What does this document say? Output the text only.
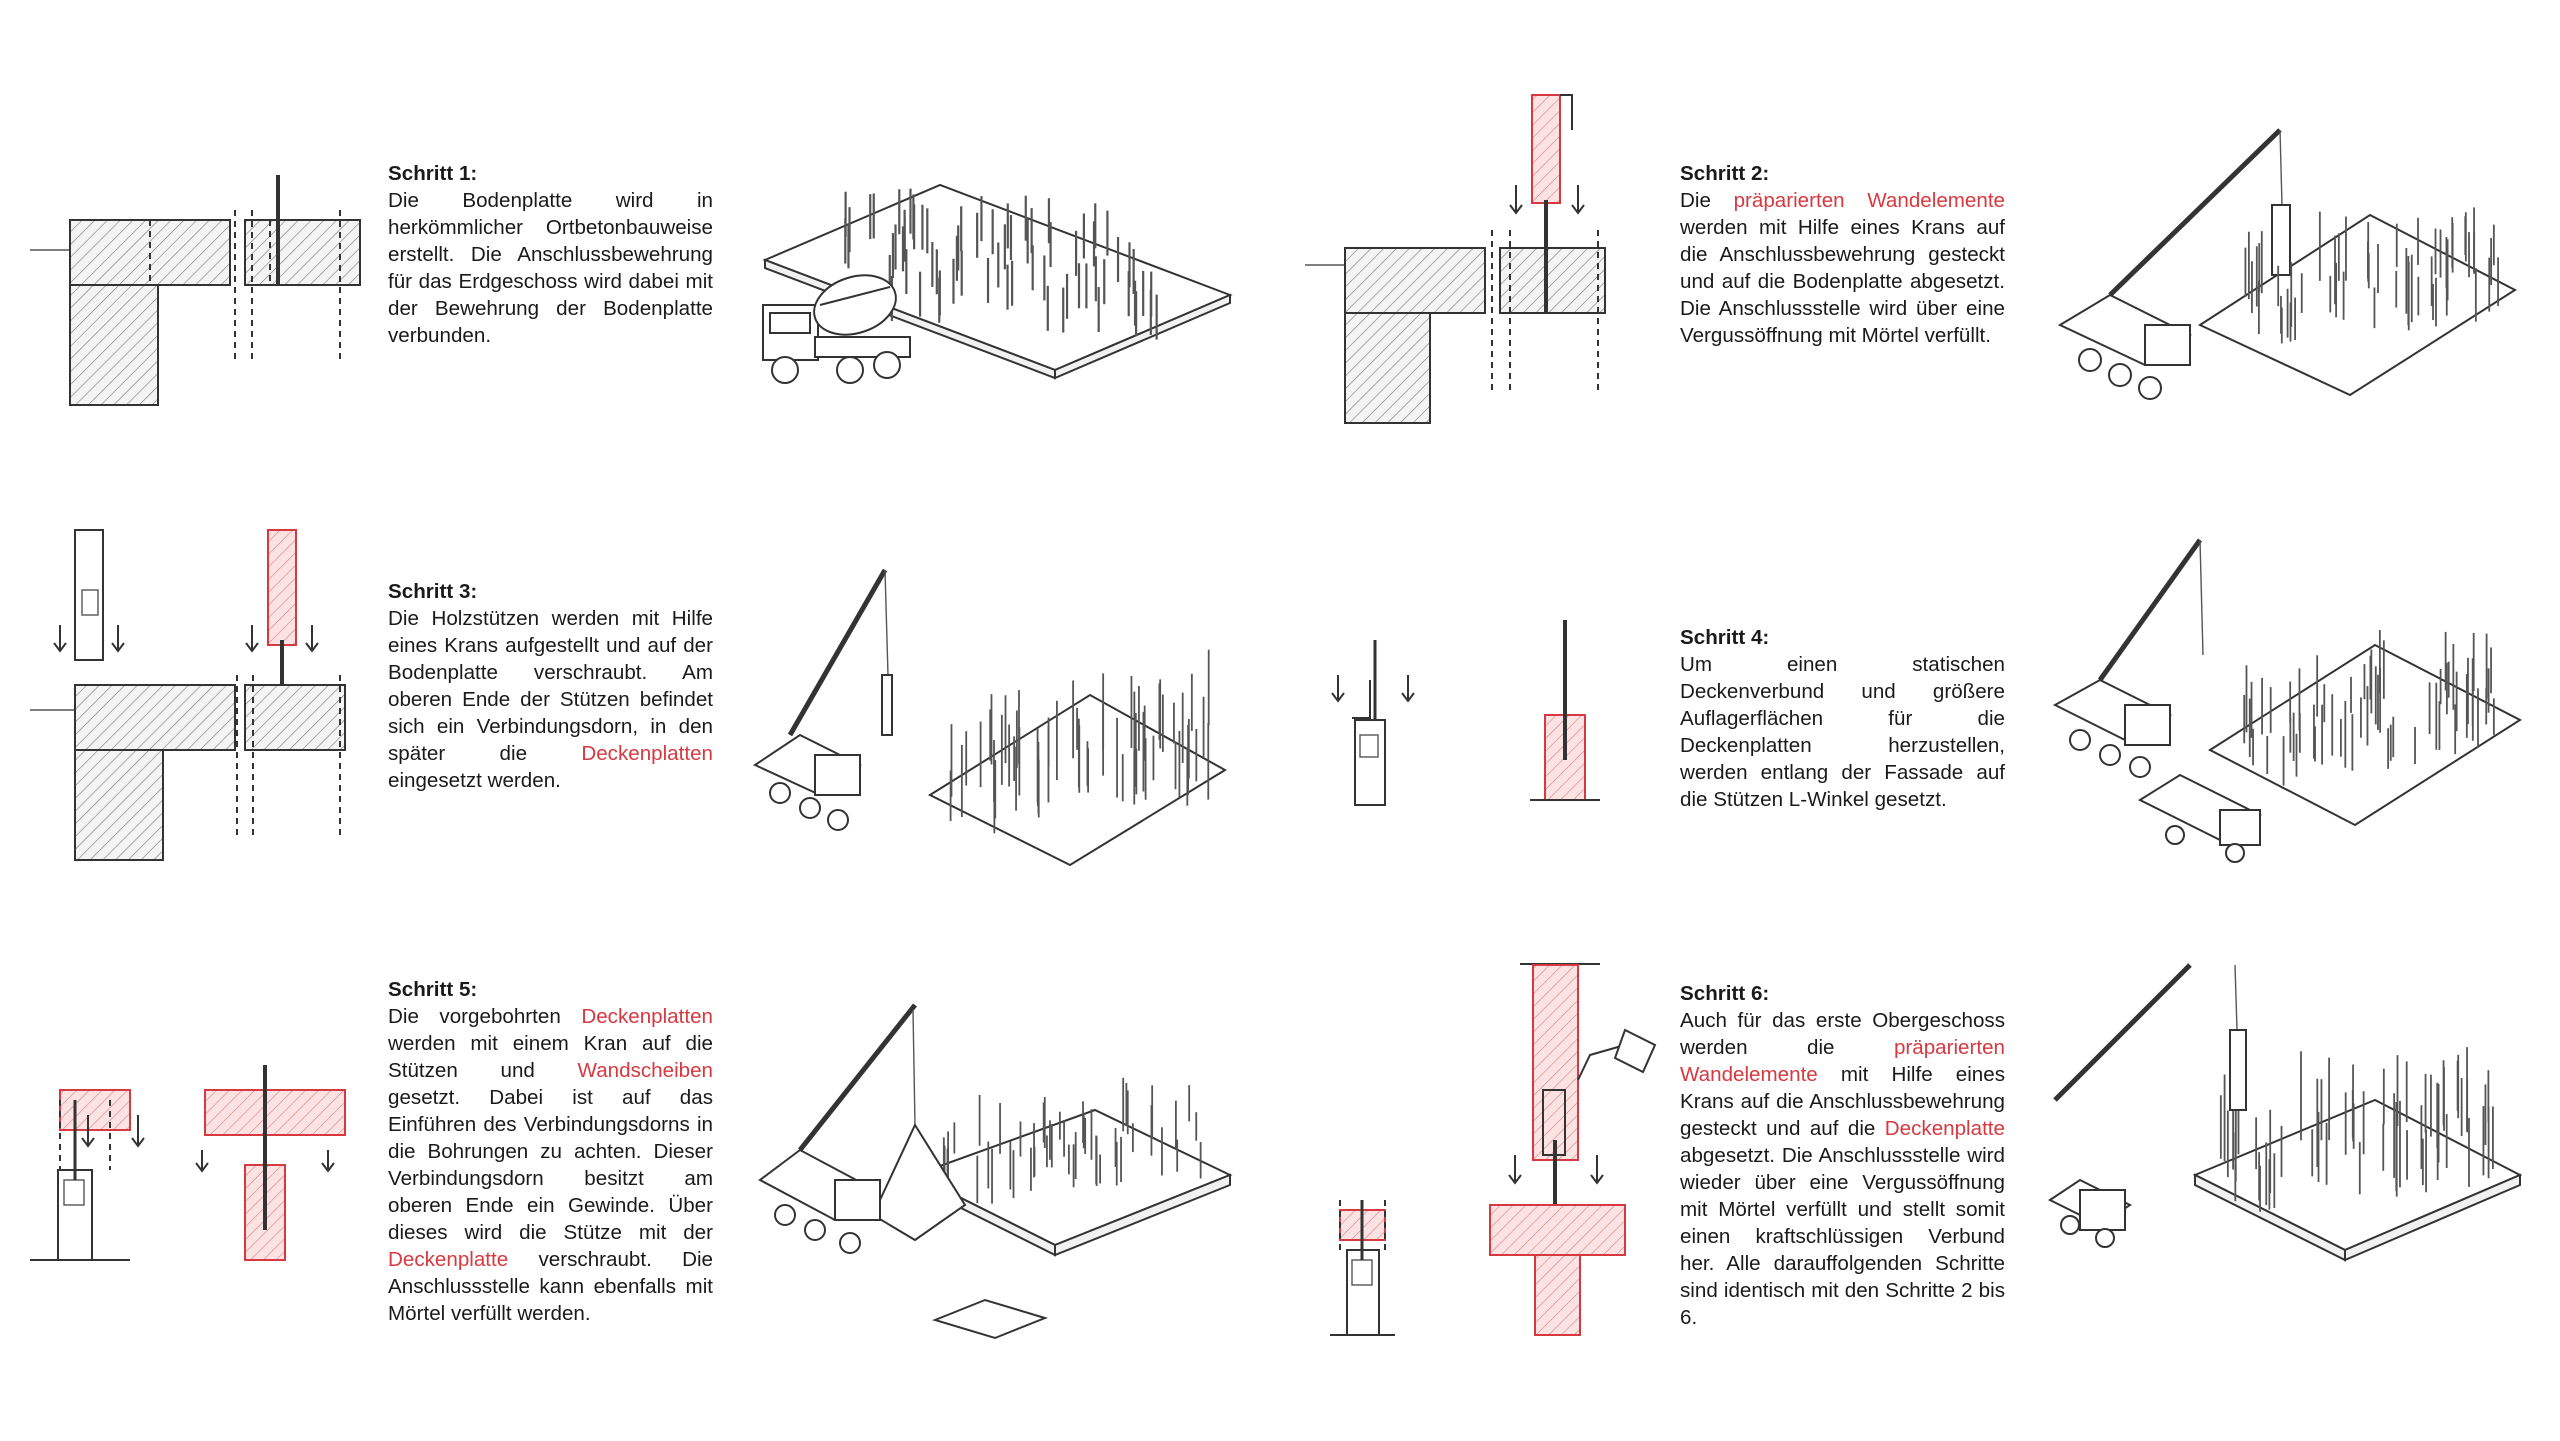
Schritt 1:
Die Bodenplatte wird in herkömmlicher Ortbetonbauweise erstellt. Die Anschlussbewehrung für das Erdgeschoss wird dabei mit der Bewehrung der Bodenplatte verbunden.
Schritt 2:
Die präparierten Wandelemente werden mit Hilfe eines Krans auf die Anschlussbewehrung gesteckt und auf die Bodenplatte abgesetzt. Die Anschlussstelle wird über eine Vergussöffnung mit Mörtel verfüllt.
Schritt 3:
Die Holzstützen werden mit Hilfe eines Krans aufgestellt und auf der Bodenplatte verschraubt. Am oberen Ende der Stützen befindet sich ein Verbindungsdorn, in den später die Deckenplatten eingesetzt werden.
Schritt 4:
Um einen statischen Deckenverbund und größere Auflagerflächen für die Deckenplatten herzustellen, werden entlang der Fassade auf die Stützen L-Winkel gesetzt.
Schritt 5:
Die vorgebohrten Deckenplatten werden mit einem Kran auf die Stützen und Wandscheiben gesetzt. Dabei ist auf das Einführen des Verbindungsdorns in die Bohrungen zu achten. Dieser Verbindungsdorn besitzt am oberen Ende ein Gewinde. Über dieses wird die Stütze mit der Deckenplatte verschraubt. Die Anschlussstelle kann ebenfalls mit Mörtel verfüllt werden.
Schritt 6:
Auch für das erste Obergeschoss werden die präparierten Wandelemente mit Hilfe eines Krans auf die Anschlussbewehrung gesteckt und auf die Deckenplatte abgesetzt. Die Anschlussstelle wird wieder über eine Vergussöffnung mit Mörtel verfüllt und stellt somit einen kraftschlüssigen Verbund her. Alle darauffolgenden Schritte sind identisch mit den Schritte 2 bis 6.
